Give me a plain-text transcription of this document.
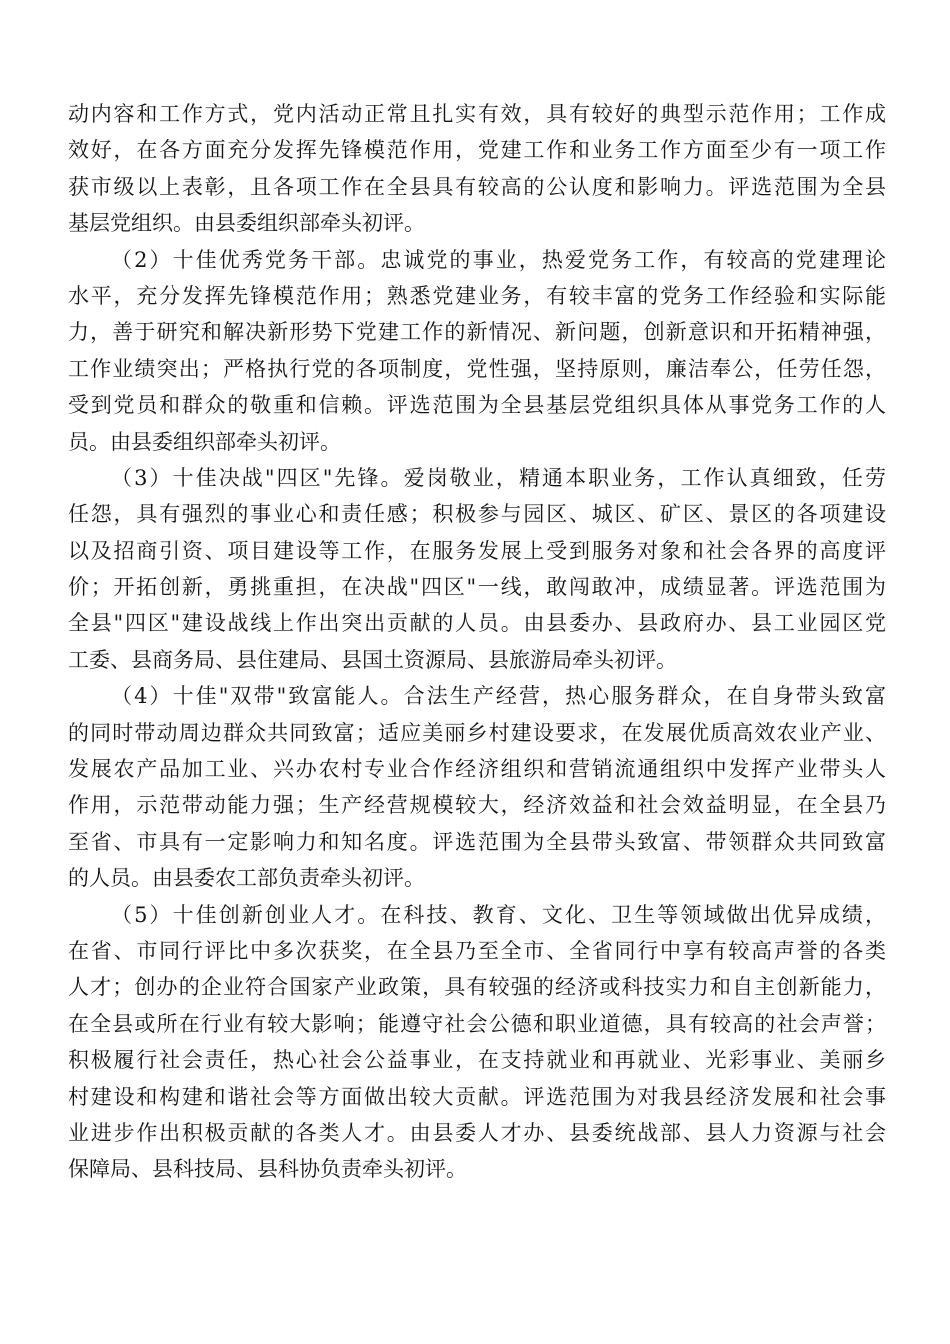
动内容和工作方式，党内活动正常且扎实有效，具有较好的典型示范作用；工作成
效好，在各方面充分发挥先锋模范作用，党建工作和业务工作方面至少有一项工作
获市级以上表彰，且各项工作在全县具有较高的公认度和影响力。评选范围为全县
基层党组织。由县委组织部牵头初评。
（2）十佳优秀党务干部。忠诚党的事业，热爱党务工作，有较高的党建理论
水平，充分发挥先锋模范作用；熟悉党建业务，有较丰富的党务工作经验和实际能
力，善于研究和解决新形势下党建工作的新情况、新问题，创新意识和开拓精神强，
工作业绩突出；严格执行党的各项制度，党性强，坚持原则，廉洁奉公，任劳任怨，
受到党员和群众的敬重和信赖。评选范围为全县基层党组织具体从事党务工作的人
员。由县委组织部牵头初评。
（3）十佳决战"四区"先锋。爱岗敬业，精通本职业务，工作认真细致，任劳
任怨，具有强烈的事业心和责任感；积极参与园区、城区、矿区、景区的各项建设
以及招商引资、项目建设等工作，在服务发展上受到服务对象和社会各界的高度评
价；开拓创新，勇挑重担，在决战"四区"一线，敢闯敢冲，成绩显著。评选范围为
全县"四区"建设战线上作出突出贡献的人员。由县委办、县政府办、县工业园区党
工委、县商务局、县住建局、县国土资源局、县旅游局牵头初评。
（4）十佳"双带"致富能人。合法生产经营，热心服务群众，在自身带头致富
的同时带动周边群众共同致富；适应美丽乡村建设要求，在发展优质高效农业产业、
发展农产品加工业、兴办农村专业合作经济组织和营销流通组织中发挥产业带头人
作用，示范带动能力强；生产经营规模较大，经济效益和社会效益明显，在全县乃
至省、市具有一定影响力和知名度。评选范围为全县带头致富、带领群众共同致富
的人员。由县委农工部负责牵头初评。
（5）十佳创新创业人才。在科技、教育、文化、卫生等领域做出优异成绩，
在省、市同行评比中多次获奖，在全县乃至全市、全省同行中享有较高声誉的各类
人才；创办的企业符合国家产业政策，具有较强的经济或科技实力和自主创新能力，
在全县或所在行业有较大影响；能遵守社会公德和职业道德，具有较高的社会声誉；
积极履行社会责任，热心社会公益事业，在支持就业和再就业、光彩事业、美丽乡
村建设和构建和谐社会等方面做出较大贡献。评选范围为对我县经济发展和社会事
业进步作出积极贡献的各类人才。由县委人才办、县委统战部、县人力资源与社会
保障局、县科技局、县科协负责牵头初评。
